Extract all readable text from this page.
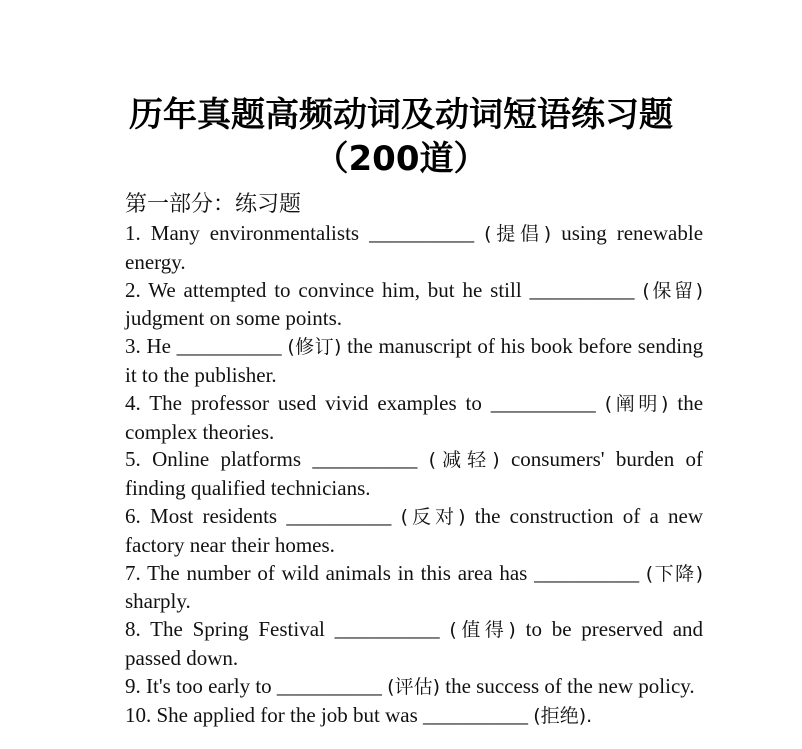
历年真题高频动词及动词短语练习题
（200道）
第一部分：练习题

1. Many environmentalists __________ (提倡) using renewable energy.

2. We attempted to convince him, but he still __________ (保留) judgment on some points.

3. He __________ (修订) the manuscript of his book before sending it to the publisher.

4. The professor used vivid examples to __________ (阐明) the complex theories.

5. Online platforms __________ (减轻) consumers' burden of finding qualified technicians.

6. Most residents __________ (反对) the construction of a new factory near their homes.

7. The number of wild animals in this area has __________ (下降) sharply.

8. The Spring Festival __________ (值得) to be preserved and passed down.

9. It's too early to __________ (评估) the success of the new policy.

10. She applied for the job but was __________ (拒绝).
